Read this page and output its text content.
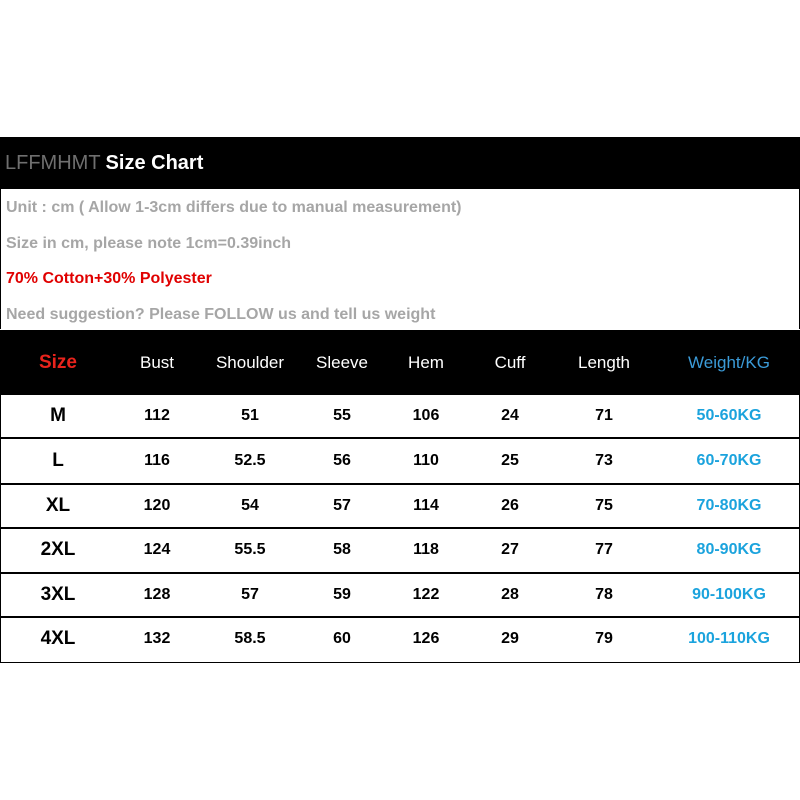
LFFMHMT Size Chart
Unit : cm ( Allow 1-3cm differs due to manual measurement)
Size in cm, please note 1cm=0.39inch
70% Cotton+30% Polyester
Need suggestion? Please FOLLOW us and tell us weight
Size	Bust Shoulder Sleeve Hem	Cuff	Length	Weight/KG
M	112	51	55	106	24	71	50-60KG
L	116	52.5	56	110	25	73	60-70KG
XL	120	54	57	114	26	75	70-80KG
2XL	124	55.5	58	118	27	77	80-90KG
3XL	128	57	59	122	28	78	90-100KG
4XL	132	58.5	60	126	29	79	100-110KG
